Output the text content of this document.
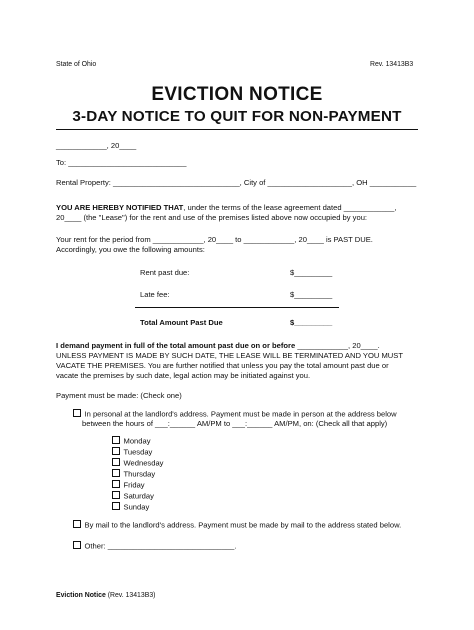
State of Ohio	Rev. 13413B3
EVICTION NOTICE
3-DAY NOTICE TO QUIT FOR NON-PAYMENT
____________, 20____
To: ____________________________
Rental Property: ______________________________, City of ____________________, OH ___________
YOU ARE HEREBY NOTIFIED THAT, under the terms of the lease agreement dated ____________,
20____ (the "Lease") for the rent and use of the premises listed above now occupied by you:
Your rent for the period from ____________, 20____ to ____________, 20____ is PAST DUE.
Accordingly, you owe the following amounts:
Rent past due:	$_________
Late fee:	$_________
Total Amount Past Due	$_________
I demand payment in full of the total amount past due on or before ____________, 20____.
UNLESS PAYMENT IS MADE BY SUCH DATE, THE LEASE WILL BE TERMINATED AND YOU MUST
VACATE THE PREMISES. You are further notified that unless you pay the total amount past due or
vacate the premises by such date, legal action may be initiated against you.
Payment must be made: (Check one)
In personal at the landlord's address. Payment must be made in person at the address below
between the hours of ___:______ AM/PM to ___:______ AM/PM, on: (Check all that apply)
Monday
Tuesday
Wednesday
Thursday
Friday
Saturday
Sunday
By mail to the landlord's address. Payment must be made by mail to the address stated below.
Other: ______________________________.
Eviction Notice (Rev. 13413B3)
